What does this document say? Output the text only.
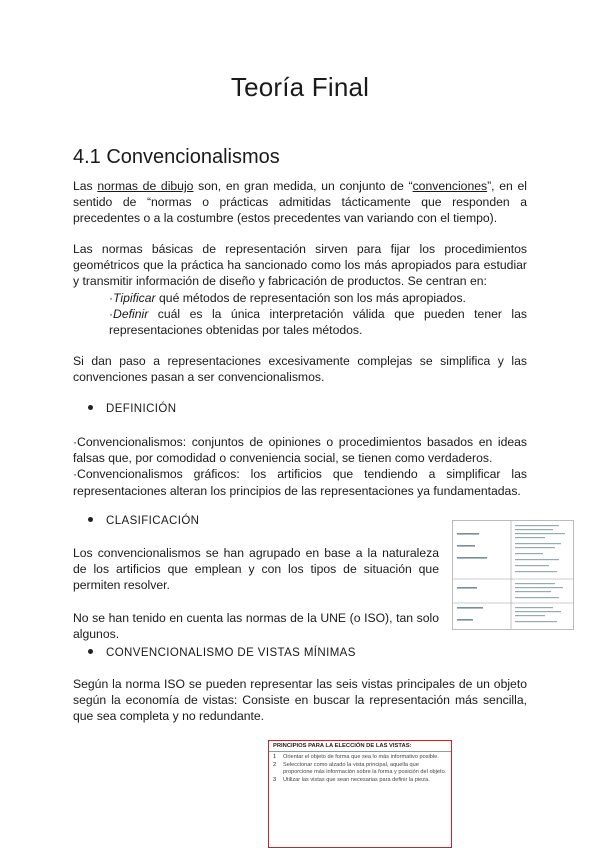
Teoría Final
4.1 Convencionalismos

Las normas de dibujo son, en gran medida, un conjunto de “convenciones”, en el sentido de “normas o prácticas admitidas tácticamente que responden a precedentes o a la costumbre (estos precedentes van variando con el tiempo).

Las normas básicas de representación sirven para fijar los procedimientos geométricos que la práctica ha sancionado como los más apropiados para estudiar y transmitir información de diseño y fabricación de productos. Se centran en:
·Tipificar qué métodos de representación son los más apropiados.
·Definir cuál es la única interpretación válida que pueden tener las representaciones obtenidas por tales métodos.

Si dan paso a representaciones excesivamente complejas se simplifica y las convenciones pasan a ser convencionalismos.

DEFINICIÓN
·Convencionalismos: conjuntos de opiniones o procedimientos basados en ideas falsas que, por comodidad o conveniencia social, se tienen como verdaderos.
·Convencionalismos gráficos: los artificios que tendiendo a simplificar las representaciones alteran los principios de las representaciones ya fundamentadas.
CLASIFICACIÓN

Los convencionalismos se han agrupado en base a la naturaleza de los artificios que emplean y con los tipos de situación que permiten resolver.

No se han tenido en cuenta las normas de la UNE (o ISO), tan solo algunos.

CONVENCIONALISMO DE VISTAS MÍNIMAS

Según la norma ISO se pueden representar las seis vistas principales de un objeto según la economía de vistas: Consiste en buscar la representación más sencilla, que sea completa y no redundante.

PRINCIPIOS PARA LA ELECCIÓN DE LAS VISTAS:
1	Orientar el objeto de forma que sea lo más informativo posible.
2	Seleccionar como alzado la vista principal, aquella que proporcione más información sobre la forma y posición del objeto.
3	Utilizar las vistas que sean necesarias para definir la pieza.
